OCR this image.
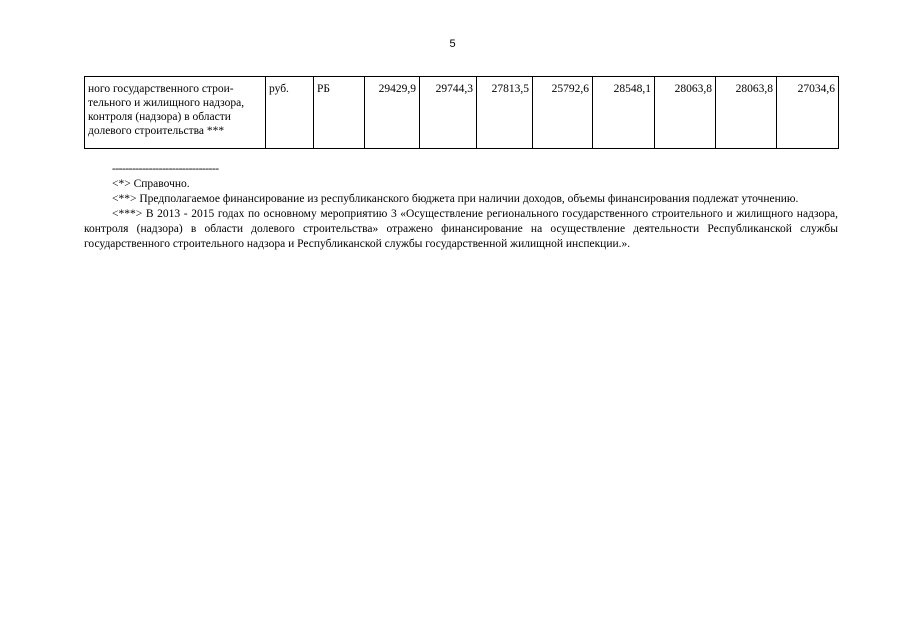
5
ного государственного строи-тельного и жилищного надзора, контроля (надзора) в области долевого строительства ***	руб.	РБ	29429,9	29744,3	27813,5	25792,6	28548,1	28063,8	28063,8	27034,6

--------------------------------

<*> Справочно.

<**> Предполагаемое финансирование из республиканского бюджета при наличии доходов, объемы финансирования подлежат уточнению.

<***> В 2013 - 2015 годах по основному мероприятию 3 «Осуществление регионального государственного строительного и жилищного надзора, контроля (надзора) в области долевого строительства» отражено финансирование на осуществление деятельности Республиканской службы государственного строительного надзора и Республиканской службы государственной жилищной инспекции.».
